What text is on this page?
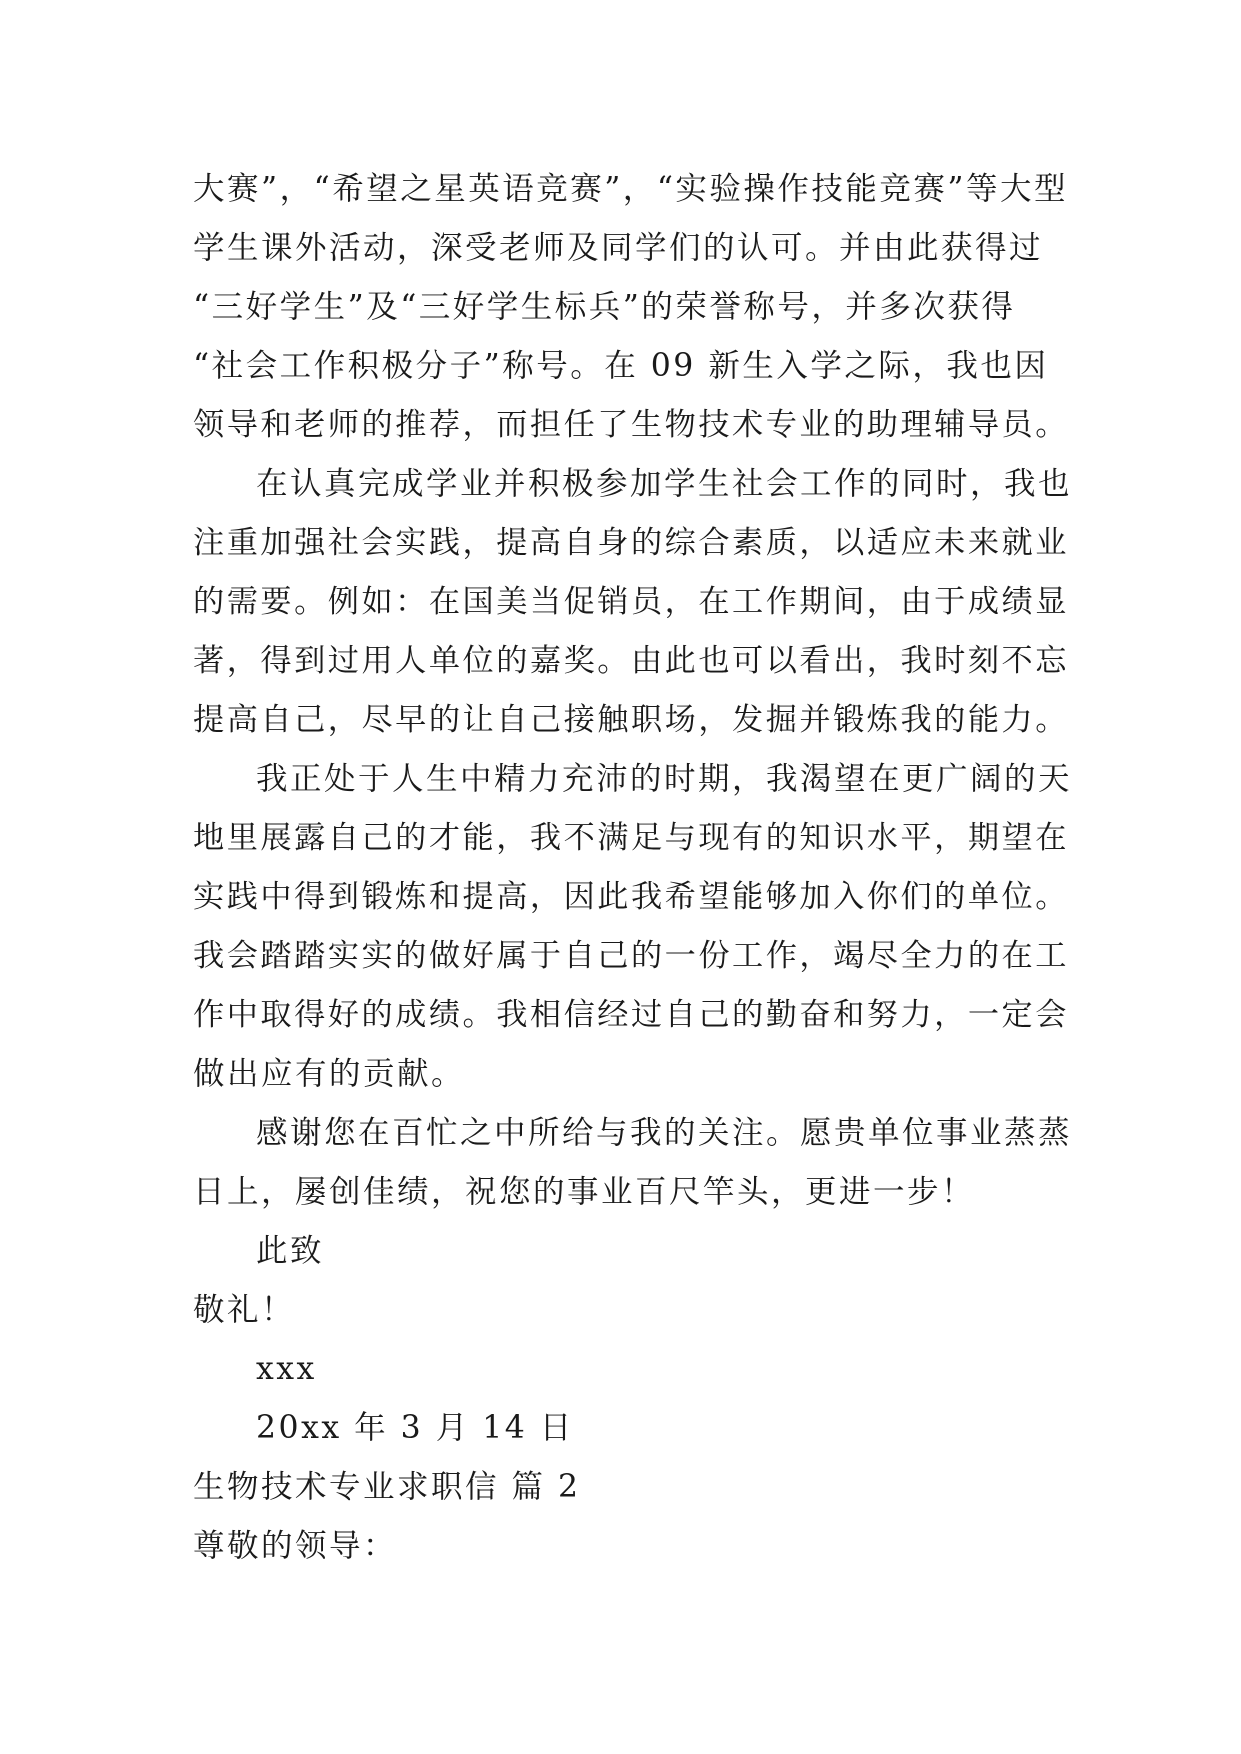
大赛”，“希望之星英语竞赛”，“实验操作技能竞赛”等大型
学生课外活动，深受老师及同学们的认可。并由此获得过
“三好学生”及“三好学生标兵”的荣誉称号，并多次获得
“社会工作积极分子”称号。在 09 新生入学之际，我也因
领导和老师的推荐，而担任了生物技术专业的助理辅导员。
在认真完成学业并积极参加学生社会工作的同时，我也
注重加强社会实践，提高自身的综合素质，以适应未来就业
的需要。例如：在国美当促销员，在工作期间，由于成绩显
著，得到过用人单位的嘉奖。由此也可以看出，我时刻不忘
提高自己，尽早的让自己接触职场，发掘并锻炼我的能力。
我正处于人生中精力充沛的时期，我渴望在更广阔的天
地里展露自己的才能，我不满足与现有的知识水平，期望在
实践中得到锻炼和提高，因此我希望能够加入你们的单位。
我会踏踏实实的做好属于自己的一份工作，竭尽全力的在工
作中取得好的成绩。我相信经过自己的勤奋和努力，一定会
做出应有的贡献。
感谢您在百忙之中所给与我的关注。愿贵单位事业蒸蒸
日上，屡创佳绩，祝您的事业百尺竿头，更进一步！
此致
敬礼！
xxx
20xx 年 3 月 14 日
生物技术专业求职信 篇 2
尊敬的领导：
